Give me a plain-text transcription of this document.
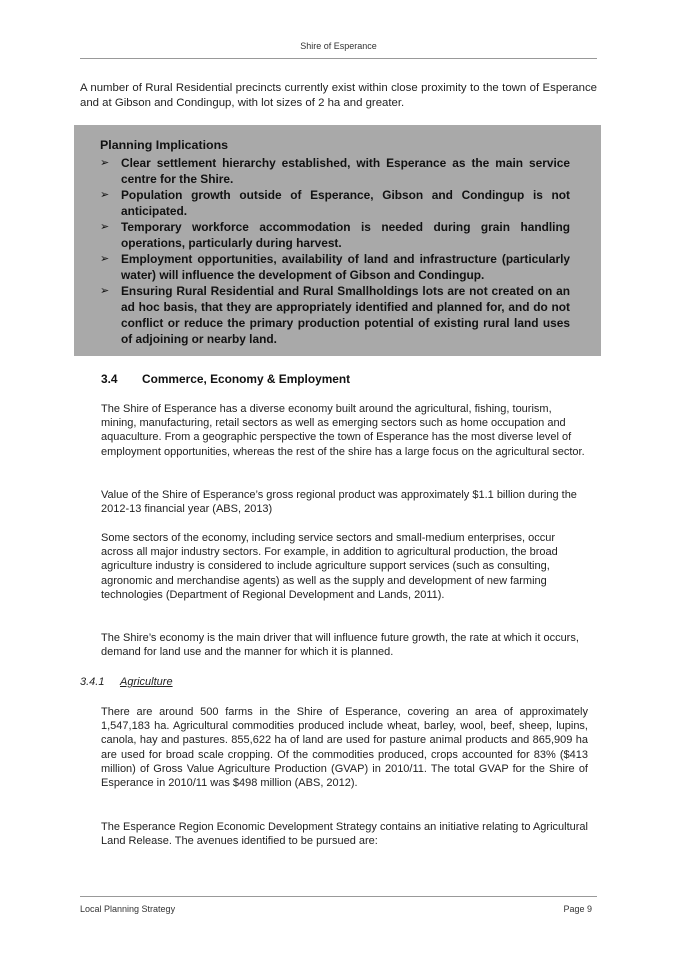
Shire of Esperance

A number of Rural Residential precincts currently exist within close proximity to the town of Esperance and at Gibson and Condingup, with lot sizes of 2 ha and greater.

Planning Implications
➢ Clear settlement hierarchy established, with Esperance as the main service centre for the Shire.
➢ Population growth outside of Esperance, Gibson and Condingup is not anticipated.
➢ Temporary workforce accommodation is needed during grain handling operations, particularly during harvest.
➢ Employment opportunities, availability of land and infrastructure (particularly water) will influence the development of Gibson and Condingup.
➢ Ensuring Rural Residential and Rural Smallholdings lots are not created on an ad hoc basis, that they are appropriately identified and planned for, and do not conflict or reduce the primary production potential of existing rural land uses of adjoining or nearby land.
3.4 Commerce, Economy & Employment

The Shire of Esperance has a diverse economy built around the agricultural, fishing, tourism, mining, manufacturing, retail sectors as well as emerging sectors such as home occupation and aquaculture. From a geographic perspective the town of Esperance has the most diverse level of employment opportunities, whereas the rest of the shire has a large focus on the agricultural sector.

Value of the Shire of Esperance’s gross regional product was approximately $1.1 billion during the 2012-13 financial year (ABS, 2013)

Some sectors of the economy, including service sectors and small-medium enterprises, occur across all major industry sectors. For example, in addition to agricultural production, the broad agriculture industry is considered to include agriculture support services (such as consulting, agronomic and merchandise agents) as well as the supply and development of new farming technologies (Department of Regional Development and Lands, 2011).

The Shire’s economy is the main driver that will influence future growth, the rate at which it occurs, demand for land use and the manner for which it is planned.

3.4.1 Agriculture

There are around 500 farms in the Shire of Esperance, covering an area of approximately 1,547,183 ha. Agricultural commodities produced include wheat, barley, wool, beef, sheep, lupins, canola, hay and pastures. 855,622 ha of land are used for pasture animal products and 865,909 ha are used for broad scale cropping. Of the commodities produced, crops accounted for 83% ($413 million) of Gross Value Agriculture Production (GVAP) in 2010/11. The total GVAP for the Shire of Esperance in 2010/11 was $498 million (ABS, 2012).

The Esperance Region Economic Development Strategy contains an initiative relating to Agricultural Land Release. The avenues identified to be pursued are:

Local Planning Strategy	Page 9
